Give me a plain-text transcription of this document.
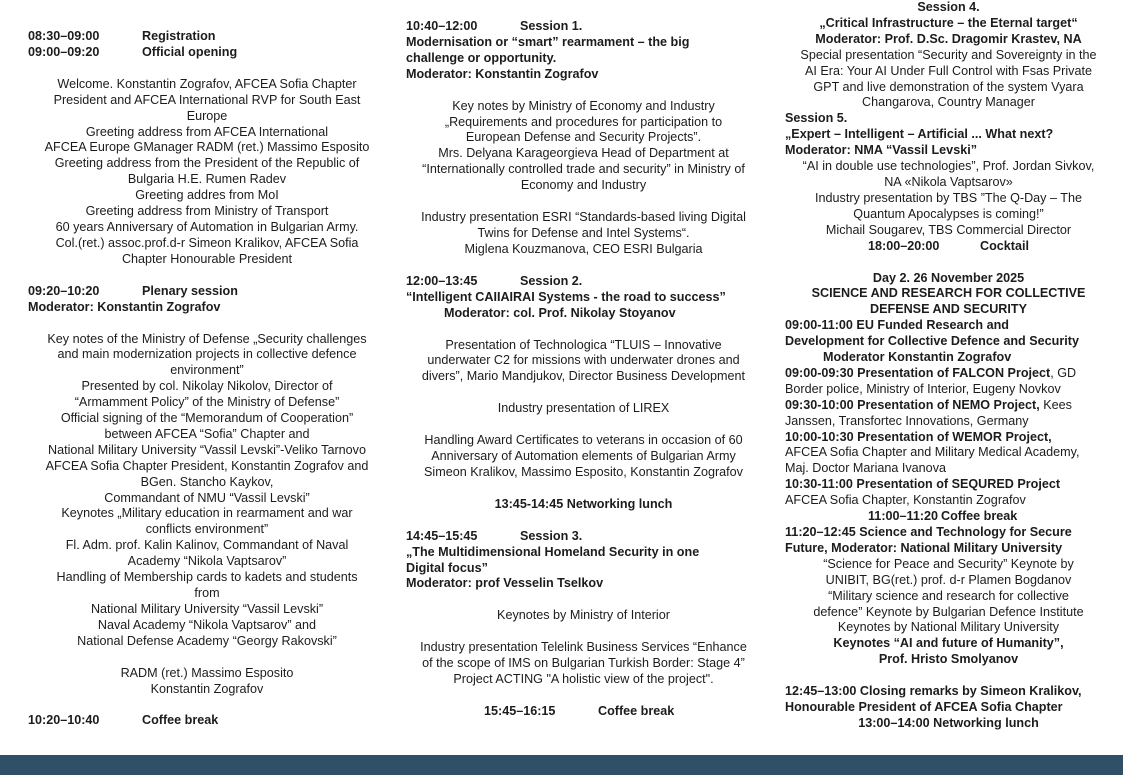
08:30–09:00	Registration
09:00–09:20	Official opening
Welcome. Konstantin Zografov, AFCEA Sofia Chapter
President and AFCEA International RVP for South East
Europe
Greeting address from AFCEA International
AFCEA Europe GManager RADM (ret.) Massimo Esposito
Greeting address from the President of the Republic of
Bulgaria H.E. Rumen Radev
Greeting addres from MoI
Greeting address from Ministry of Transport
60 years Anniversary of Automation in Bulgarian Army.
Col.(ret.) assoc.prof.d-r Simeon Kralikov, AFCEA Sofia
Chapter Honourable President
09:20–10:20	Plenary session
Moderator: Konstantin Zografov
Key notes of the Ministry of Defense „Security challenges
and main modernization projects in collective defence
environment”
Presented by col. Nikolay Nikolov, Director of
“Armamment Policy” of the Ministry of Defense”
Official signing of the “Memorandum of Cooperation”
between AFCEA “Sofia” Chapter and
National Military University “Vassil Levski”-Veliko Tarnovo
AFCEA Sofia Chapter President, Konstantin Zografov and
BGen. Stancho Kaykov,
Commandant of NMU “Vassil Levski”
Keynotes „Military education in rearmament and war
conflicts environment”
Fl. Adm. prof. Kalin Kalinov, Commandant of Naval
Academy “Nikola Vaptsarov”
Handling of Membership cards to kadets and students
from
National Military University “Vassil Levski”
Naval Academy “Nikola Vaptsarov” and
National Defense Academy “Georgy Rakovski”
RADM (ret.) Massimo Esposito
Konstantin Zografov
10:20–10:40	Coffee break
10:40–12:00	Session 1.
Modernisation or “smart” rearmament – the big
challenge or opportunity.
Moderator: Konstantin Zografov
Key notes by Ministry of Economy and Industry
„Requirements and procedures for participation to
European Defense and Security Projects”.
Mrs. Delyana Karageorgieva Head of Department at
“Internationally controlled trade and security” in Ministry of
Economy and Industry
Industry presentation ESRI “Standards-based living Digital
Twins for Defense and Intel Systems“.
Miglena Kouzmanova, CEO ESRI Bulgaria
12:00–13:45	Session 2.
“Intelligent CAIIAIRAI Systems - the road to success”
Moderator: col. Prof. Nikolay Stoyanov
Presentation of Technologica “TLUIS – Innovative
underwater C2 for missions with underwater drones and
divers”, Mario Mandjukov, Director Business Development
Industry presentation of LIREX
Handling Award Certificates to veterans in occasion of 60
Anniversary of Automation elements of Bulgarian Army
Simeon Kralikov, Massimo Esposito, Konstantin Zografov
13:45-14:45 Networking lunch
14:45–15:45	Session 3.
„The Multidimensional Homeland Security in one
Digital focus”
Moderator: prof Vesselin Tselkov
Keynotes by Ministry of Interior
Industry presentation Telelink Business Services “Enhance
of the scope of IMS on Bulgarian Turkish Border: Stage 4”
Project ACTING "A holistic view of the project".
15:45–16:15	Coffee break
Session 4.
„Critical Infrastructure – the Eternal target“
Moderator: Prof. D.Sc. Dragomir Krastev, NA
Special presentation “Security and Sovereignty in the
AI Era: Your AI Under Full Control with Fsas Private
GPT and live demonstration of the system Vyara
Changarova, Country Manager
Session 5.
„Expert – Intelligent – Artificial ... What next?
Moderator: NMA “Vassil Levski”
“AI in double use technologies”, Prof. Jordan Sivkov,
NA «Nikola Vaptsarov»
Industry presentation by TBS ”The Q-Day – The
Quantum Apocalypses is coming!”
Michail Sougarev, TBS Commercial Director
18:00–20:00	Cocktail
Day 2. 26 November 2025
SCIENCE AND RESEARCH FOR COLLECTIVE
DEFENSE AND SECURITY
09:00-11:00 EU Funded Research and
Development for Collective Defence and Security
Moderator Konstantin Zografov
09:00-09:30 Presentation of FALCON Project, GD
Border police, Ministry of Interior, Eugeny Novkov
09:30-10:00 Presentation of NEMO Project, Kees
Janssen, Transfortec Innovations, Germany
10:00-10:30 Presentation of WEMOR Project,
AFCEA Sofia Chapter and Military Medical Academy,
Maj. Doctor Mariana Ivanova
10:30-11:00 Presentation of SEQURED Project
AFCEA Sofia Chapter, Konstantin Zografov
11:00–11:20 Coffee break
11:20–12:45 Science and Technology for Secure
Future, Moderator: National Military University
“Science for Peace and Security” Keynote by
UNIBIT, BG(ret.) prof. d-r Plamen Bogdanov
“Military science and research for collective
defence” Keynote by Bulgarian Defence Institute
Keynotes by National Military University
Keynotes “AI and future of Humanity”,
Prof. Hristo Smolyanov
12:45–13:00 Closing remarks by Simeon Kralikov,
Honourable President of AFCEA Sofia Chapter
13:00–14:00 Networking lunch
